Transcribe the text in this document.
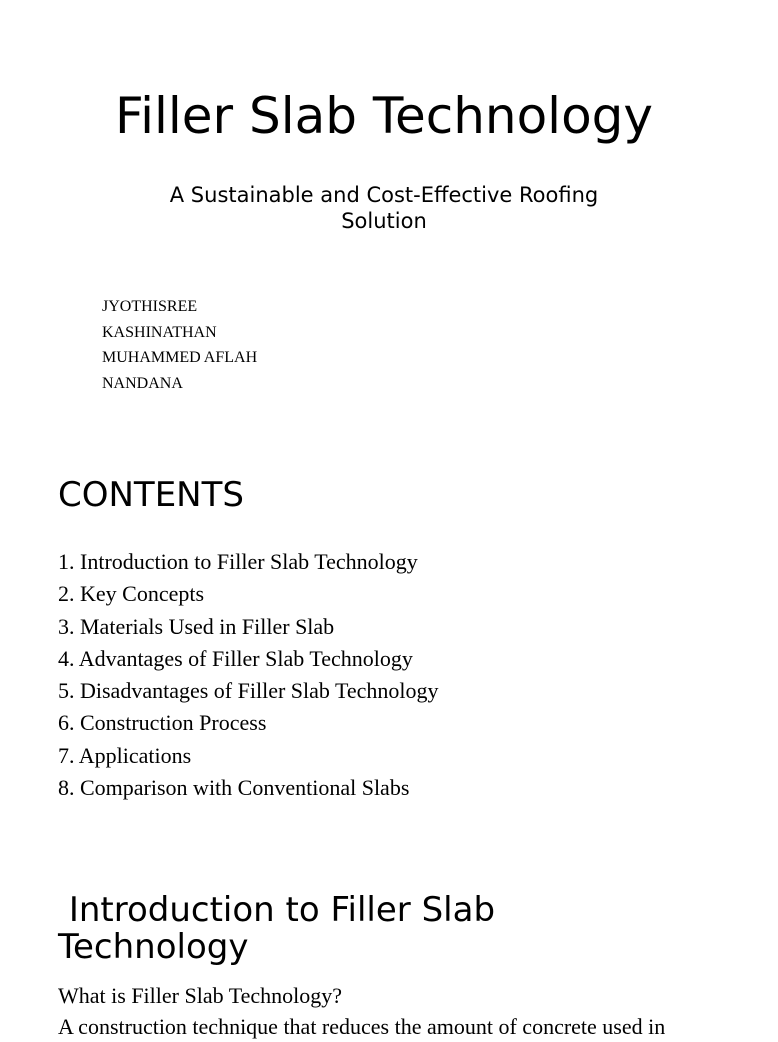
Filler Slab Technology

A Sustainable and Cost-Effective Roofing Solution

JYOTHISREE
KASHINATHAN
MUHAMMED AFLAH
NANDANA
CONTENTS
1. Introduction to Filler Slab Technology
2. Key Concepts
3. Materials Used in Filler Slab
4. Advantages of Filler Slab Technology
5. Disadvantages of Filler Slab Technology
6. Construction Process
7. Applications
8. Comparison with Conventional Slabs
Introduction to Filler Slab Technology

What is Filler Slab Technology?

A construction technique that reduces the amount of concrete used in
